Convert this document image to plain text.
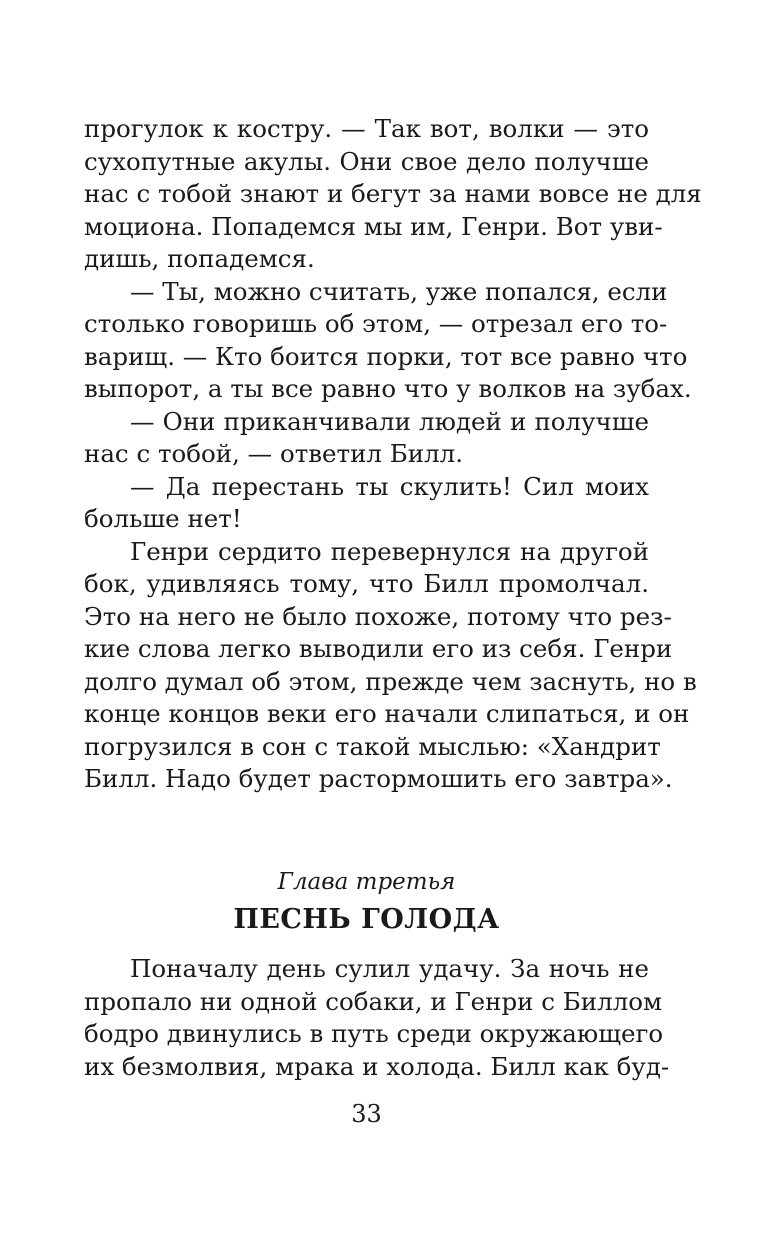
прогулок к костру. — Так вот, волки — это
сухопутные акулы. Они свое дело получше
нас с тобой знают и бегут за нами вовсе не для
моциона. Попадемся мы им, Генри. Вот уви-
дишь, попадемся.
— Ты, можно считать, уже попался, если
столько говоришь об этом, — отрезал его то-
варищ. — Кто боится порки, тот все равно что
выпорот, а ты все равно что у волков на зубах.
— Они приканчивали людей и получше
нас с тобой, — ответил Билл.
— Да перестань ты скулить! Сил моих
больше нет!
Генри сердито перевернулся на другой
бок, удивляясь тому, что Билл промолчал.
Это на него не было похоже, потому что рез-
кие слова легко выводили его из себя. Генри
долго думал об этом, прежде чем заснуть, но в
конце концов веки его начали слипаться, и он
погрузился в сон с такой мыслью: «Хандрит
Билл. Надо будет растормошить его завтра».
Глава третья
ПЕСНЬ ГОЛОДА
Поначалу день сулил удачу. За ночь не
пропало ни одной собаки, и Генри с Биллом
бодро двинулись в путь среди окружающего
их безмолвия, мрака и холода. Билл как буд-
33
